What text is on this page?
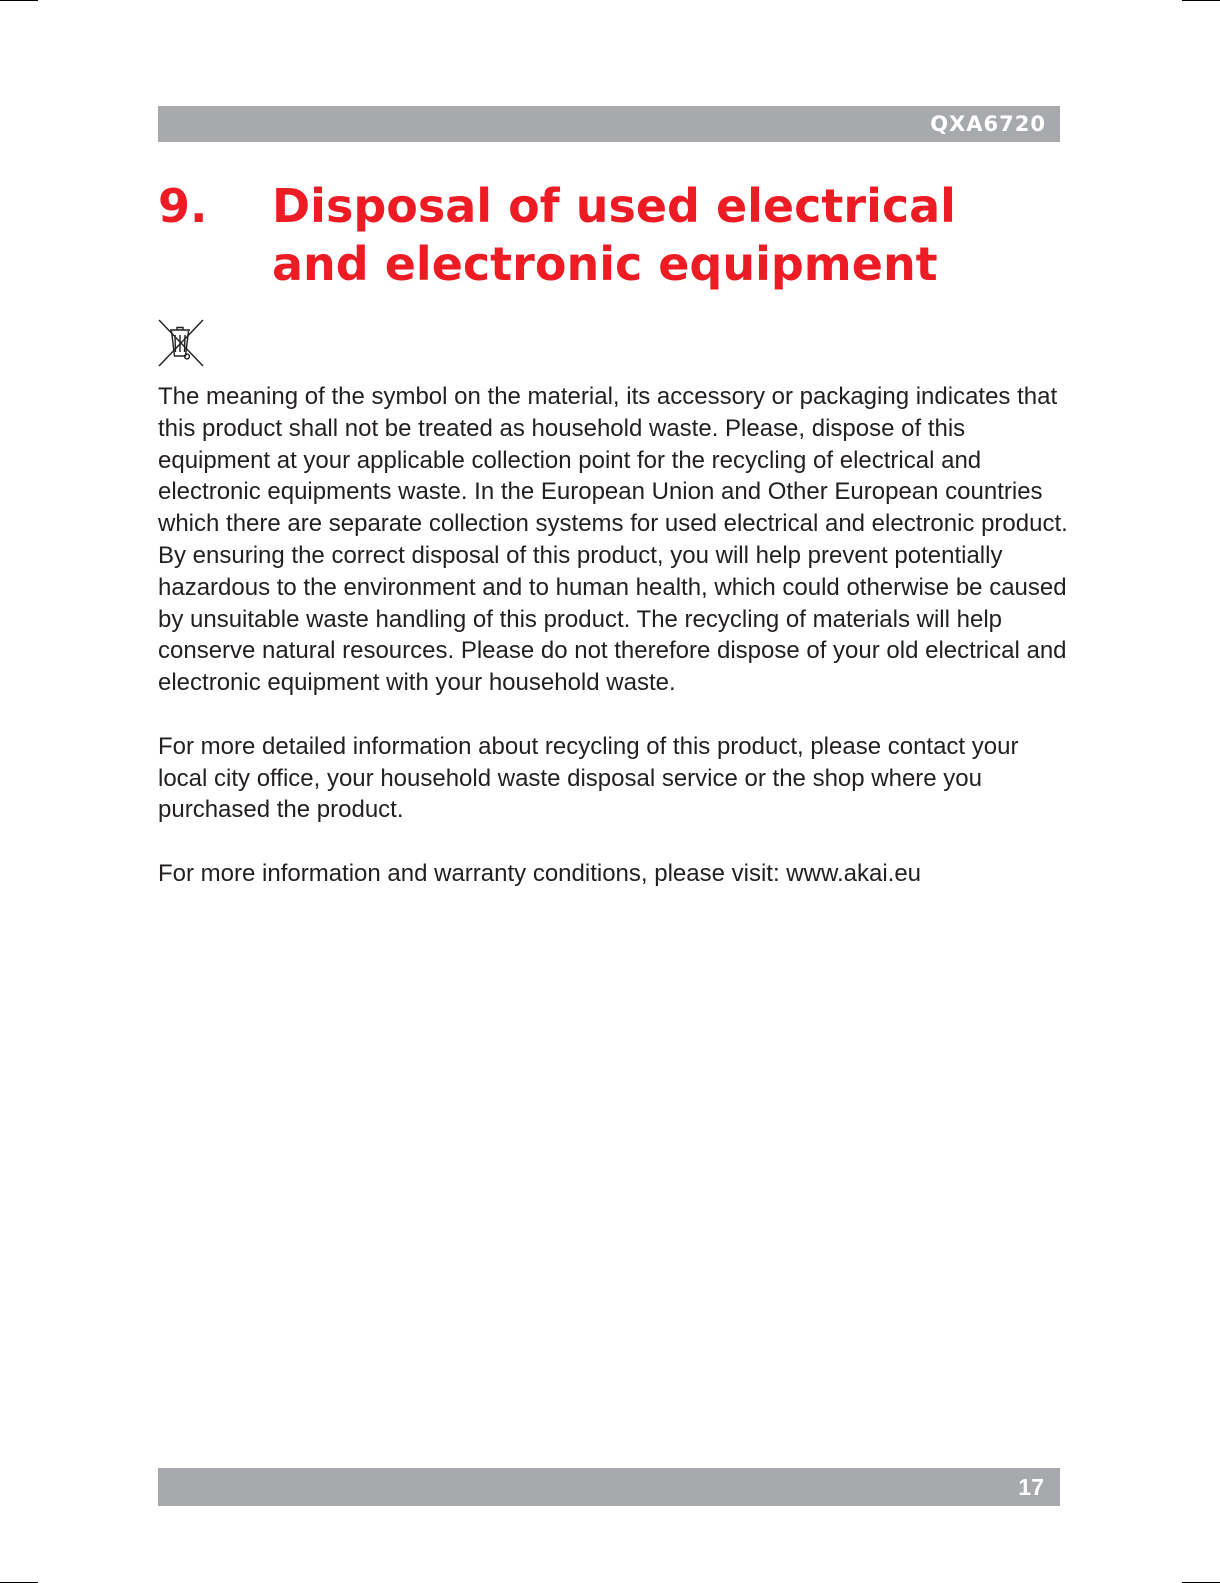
QXA6720
9. Disposal of used electrical
and electronic equipment

The meaning of the symbol on the material, its accessory or packaging indicates that this product shall not be treated as household waste. Please, dispose of this equipment at your applicable collection point for the recycling of electrical and electronic equipments waste. In the European Union and Other European countries which there are separate collection systems for used electrical and electronic product. By ensuring the correct disposal of this product, you will help prevent potentially hazardous to the environment and to human health, which could otherwise be caused by unsuitable waste handling of this product. The recycling of materials will help conserve natural resources. Please do not therefore dispose of your old electrical and electronic equipment with your household waste.

For more detailed information about recycling of this product, please contact your local city office, your household waste disposal service or the shop where you purchased the product.

For more information and warranty conditions, please visit: www.akai.eu

17
